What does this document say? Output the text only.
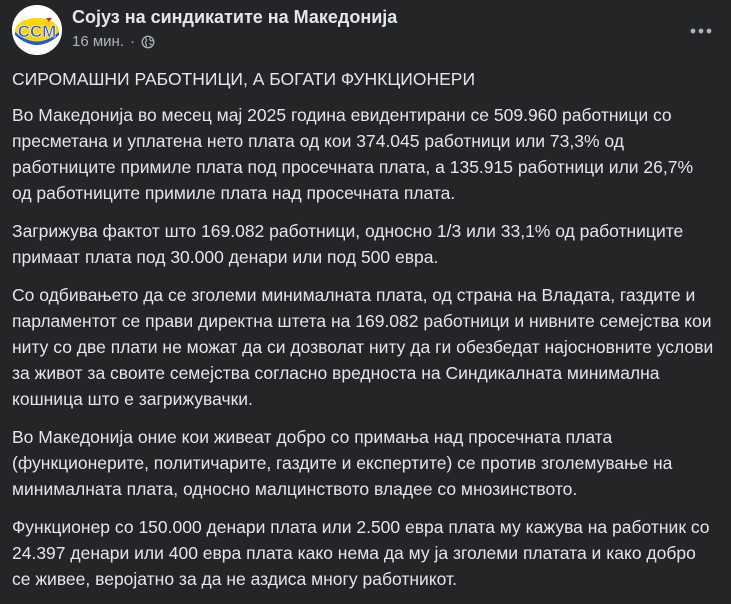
ССМ
Сојуз на синдикатите на Македонија
16 мин. ·

СИРОМАШНИ РАБОТНИЦИ, А БОГАТИ ФУНКЦИОНЕРИ

Во Македонија во месец мај 2025 година евидентирани се 509.960 работници со пресметана и уплатена нето плата од кои 374.045 работници или 73,3% од работниците примиле плата под просечната плата, а 135.915 работници или 26,7% од работниците примиле плата над просечната плата.

Загрижува фактот што 169.082 работници, односно 1/3 или 33,1% од работниците примаат плата под 30.000 денари или под 500 евра.

Со одбивањето да се зголеми минималната плата, од страна на Владата, газдите и парламентот се прави директна штета на 169.082 работници и нивните семејства кои ниту со две плати не можат да си дозволат ниту да ги обезбедат најосновните услови за живот за своите семејства согласно вредноста на Синдикалната минимална кошница што е загрижувачки.

Во Македонија оние кои живеат добро со примања над просечната плата (функционерите, политичарите, газдите и експертите) се против зголемување на минималната плата, односно малцинството владее со мнозинството.

Функционер со 150.000 денари плата или 2.500 евра плата му кажува на работник со 24.397 денари или 400 евра плата како нема да му ја зголеми платата и како добро се живее, веројатно за да не аздиса многу работникот.
